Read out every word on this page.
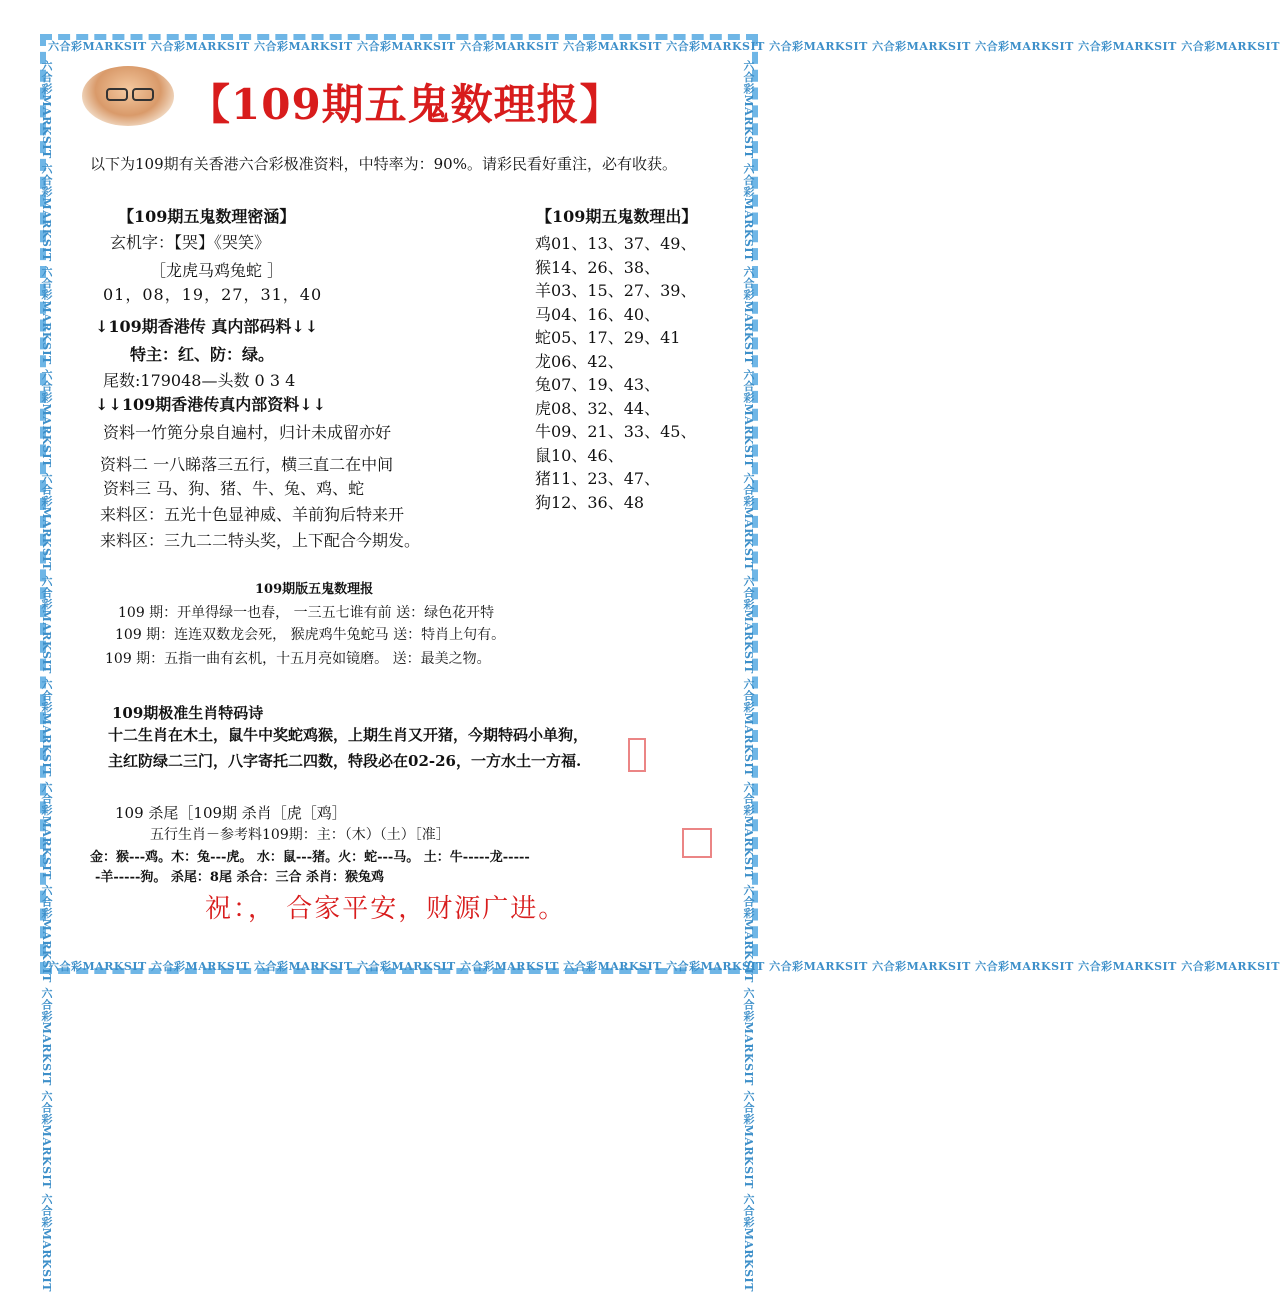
六合彩MARKSIT 六合彩MARKSIT 六合彩MARKSIT 六合彩MARKSIT 六合彩MARKSIT 六合彩MARKSIT 六合彩MARKSIT 六合彩MARKSIT 六合彩MARKSIT 六合彩MARKSIT 六合彩MARKSIT 六合彩MARKSIT
六合彩MARKSIT 六合彩MARKSIT 六合彩MARKSIT 六合彩MARKSIT 六合彩MARKSIT 六合彩MARKSIT 六合彩MARKSIT 六合彩MARKSIT 六合彩MARKSIT 六合彩MARKSIT 六合彩MARKSIT 六合彩MARKSIT
六合彩MARKSIT 六合彩MARKSIT 六合彩MARKSIT 六合彩MARKSIT 六合彩MARKSIT 六合彩MARKSIT 六合彩MARKSIT 六合彩MARKSIT 六合彩MARKSIT 六合彩MARKSIT 六合彩MARKSIT 六合彩MARKSIT	六合彩MARKSIT 六合彩MARKSIT 六合彩MARKSIT 六合彩MARKSIT 六合彩MARKSIT 六合彩MARKSIT 六合彩MARKSIT 六合彩MARKSIT 六合彩MARKSIT 六合彩MARKSIT 六合彩MARKSIT 六合彩MARKSIT
【109期五鬼数理报】
以下为109期有关香港六合彩极准资料，中特率为：90%。请彩民看好重注，必有收获。
【109期五鬼数理密涵】
玄机字：【哭】《哭笑》
［龙虎马鸡兔蛇 ］
01，08，19，27，31，40
↓109期香港传 真内部码料↓↓
特主：红、防：绿。
尾数:179048—头数 0 3 4
↓↓109期香港传真内部资料↓↓
资料一竹篼分泉自遍村，归计未成留亦好
资料二 一八睇落三五行，横三直二在中间
资料三 马、狗、猪、牛、兔、鸡、蛇
来料区：五光十色显神威、羊前狗后特来开
来料区：三九二二特头奖，上下配合今期发。
【109期五鬼数理出】
鸡01、13、37、49、
猴14、26、38、
羊03、15、27、39、
马04、16、40、
蛇05、17、29、41
龙06、42、
兔07、19、43、
虎08、32、44、
牛09、21、33、45、
鼠10、46、
猪11、23、47、
狗12、36、48
109期版五鬼数理报
109 期：开单得绿一也春， 一三五七谁有前 送：绿色花开特
109 期：连连双数龙会死， 猴虎鸡牛兔蛇马 送：特肖上句有。
109 期：五指一曲有玄机，十五月亮如镜磨。 送：最美之物。
109期极准生肖特码诗
十二生肖在木土，鼠牛中奖蛇鸡猴，上期生肖又开猪，今期特码小单狗，
主红防绿二三门，八字寄托二四数，特段必在02-26，一方水土一方福.
109 杀尾［109期 杀肖［虎［鸡］
五行生肖－参考料109期：主：（木）（土）［准］
金：猴---鸡。木：兔---虎。 水：鼠---猪。火：蛇---马。 土：牛-----龙-----
-羊-----狗。 杀尾：8尾 杀合：三合 杀肖：猴兔鸡
祝：， 合家平安，财源广进。
